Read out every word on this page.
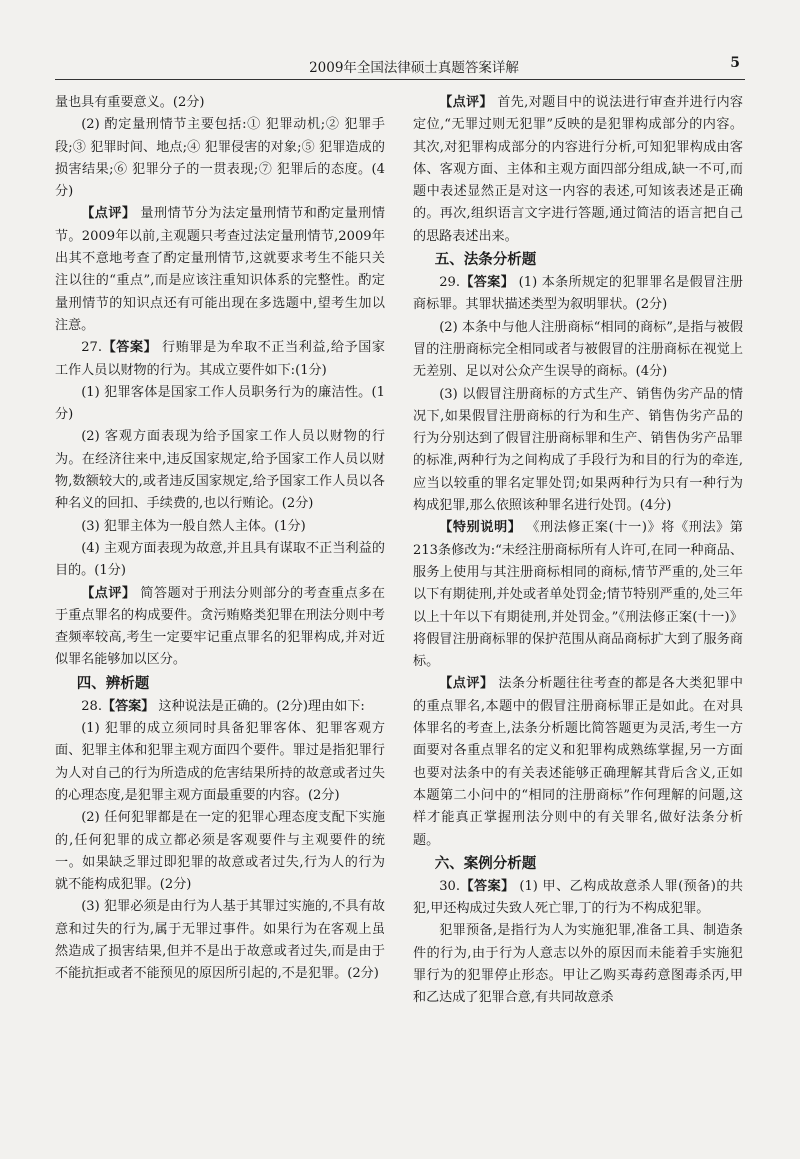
2009年全国法律硕士真题答案详解	5

量也具有重要意义。(2分)

(2) 酌定量刑情节主要包括:① 犯罪动机;② 犯罪手段;③ 犯罪时间、地点;④ 犯罪侵害的对象;⑤ 犯罪造成的损害结果;⑥ 犯罪分子的一贯表现;⑦ 犯罪后的态度。(4分)

【点评】 量刑情节分为法定量刑情节和酌定量刑情节。2009年以前,主观题只考查过法定量刑情节,2009年出其不意地考查了酌定量刑情节,这就要求考生不能只关注以往的“重点”,而是应该注重知识体系的完整性。酌定量刑情节的知识点还有可能出现在多选题中,望考生加以注意。

27.【答案】 行贿罪是为牟取不正当利益,给予国家工作人员以财物的行为。其成立要件如下:(1分)

(1) 犯罪客体是国家工作人员职务行为的廉洁性。(1分)

(2) 客观方面表现为给予国家工作人员以财物的行为。在经济往来中,违反国家规定,给予国家工作人员以财物,数额较大的,或者违反国家规定,给予国家工作人员以各种名义的回扣、手续费的,也以行贿论。(2分)

(3) 犯罪主体为一般自然人主体。(1分)

(4) 主观方面表现为故意,并且具有谋取不正当利益的目的。(1分)

【点评】 简答题对于刑法分则部分的考查重点多在于重点罪名的构成要件。贪污贿赂类犯罪在刑法分则中考查频率较高,考生一定要牢记重点罪名的犯罪构成,并对近似罪名能够加以区分。

四、辨析题

28.【答案】 这种说法是正确的。(2分)理由如下:

(1) 犯罪的成立须同时具备犯罪客体、犯罪客观方面、犯罪主体和犯罪主观方面四个要件。罪过是指犯罪行为人对自己的行为所造成的危害结果所持的故意或者过失的心理态度,是犯罪主观方面最重要的内容。(2分)

(2) 任何犯罪都是在一定的犯罪心理态度支配下实施的,任何犯罪的成立都必须是客观要件与主观要件的统一。如果缺乏罪过即犯罪的故意或者过失,行为人的行为就不能构成犯罪。(2分)

(3) 犯罪必须是由行为人基于其罪过实施的,不具有故意和过失的行为,属于无罪过事件。如果行为在客观上虽然造成了损害结果,但并不是出于故意或者过失,而是由于不能抗拒或者不能预见的原因所引起的,不是犯罪。(2分)

【点评】 首先,对题目中的说法进行审查并进行内容定位,“无罪过则无犯罪”反映的是犯罪构成部分的内容。其次,对犯罪构成部分的内容进行分析,可知犯罪构成由客体、客观方面、主体和主观方面四部分组成,缺一不可,而题中表述显然正是对这一内容的表述,可知该表述是正确的。再次,组织语言文字进行答题,通过简洁的语言把自己的思路表述出来。

五、法条分析题

29.【答案】 (1) 本条所规定的犯罪罪名是假冒注册商标罪。其罪状描述类型为叙明罪状。(2分)

(2) 本条中与他人注册商标“相同的商标”,是指与被假冒的注册商标完全相同或者与被假冒的注册商标在视觉上无差别、足以对公众产生误导的商标。(4分)

(3) 以假冒注册商标的方式生产、销售伪劣产品的情况下,如果假冒注册商标的行为和生产、销售伪劣产品的行为分别达到了假冒注册商标罪和生产、销售伪劣产品罪的标准,两种行为之间构成了手段行为和目的行为的牵连,应当以较重的罪名定罪处罚;如果两种行为只有一种行为构成犯罪,那么依照该种罪名进行处罚。(4分)

【特别说明】 《刑法修正案(十一)》将《刑法》第213条修改为:“未经注册商标所有人许可,在同一种商品、服务上使用与其注册商标相同的商标,情节严重的,处三年以下有期徒刑,并处或者单处罚金;情节特别严重的,处三年以上十年以下有期徒刑,并处罚金。”《刑法修正案(十一)》将假冒注册商标罪的保护范围从商品商标扩大到了服务商标。

【点评】 法条分析题往往考查的都是各大类犯罪中的重点罪名,本题中的假冒注册商标罪正是如此。在对具体罪名的考查上,法条分析题比简答题更为灵活,考生一方面要对各重点罪名的定义和犯罪构成熟练掌握,另一方面也要对法条中的有关表述能够正确理解其背后含义,正如本题第二小问中的“相同的注册商标”作何理解的问题,这样才能真正掌握刑法分则中的有关罪名,做好法条分析题。

六、案例分析题

30.【答案】 (1) 甲、乙构成故意杀人罪(预备)的共犯,甲还构成过失致人死亡罪,丁的行为不构成犯罪。

犯罪预备,是指行为人为实施犯罪,准备工具、制造条件的行为,由于行为人意志以外的原因而未能着手实施犯罪行为的犯罪停止形态。甲让乙购买毒药意图毒杀丙,甲和乙达成了犯罪合意,有共同故意杀
